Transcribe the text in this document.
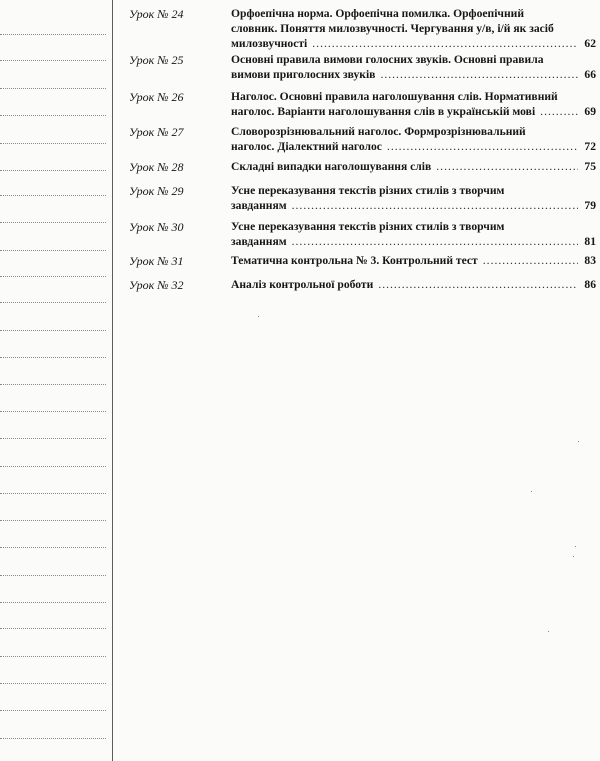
Урок № 24	Орфоепічна норма. Орфоепічна помилка. Орфоепічний
словник. Поняття милозвучності. Чергування у/в, і/й як засіб
милозвучності .....	62
Урок № 25	Основні правила вимови голосних звуків. Основні правила
вимови приголосних звуків .....	66
Урок № 26	Наголос. Основні правила наголошування слів. Нормативний
наголос. Варіанти наголошування слів в українській мові .....	69
Урок № 27	Словорозрізнювальний наголос. Формрозрізнювальний
наголос. Діалектний наголос .....	72
Урок № 28	Складні випадки наголошування слів .....	75
Урок № 29	Усне переказування текстів різних стилів з творчим
завданням .....	79
Урок № 30	Усне переказування текстів різних стилів з творчим
завданням .....	81
Урок № 31	Тематична контрольна № 3. Контрольний тест .....	83
Урок № 32	Аналіз контрольної роботи .....	86
